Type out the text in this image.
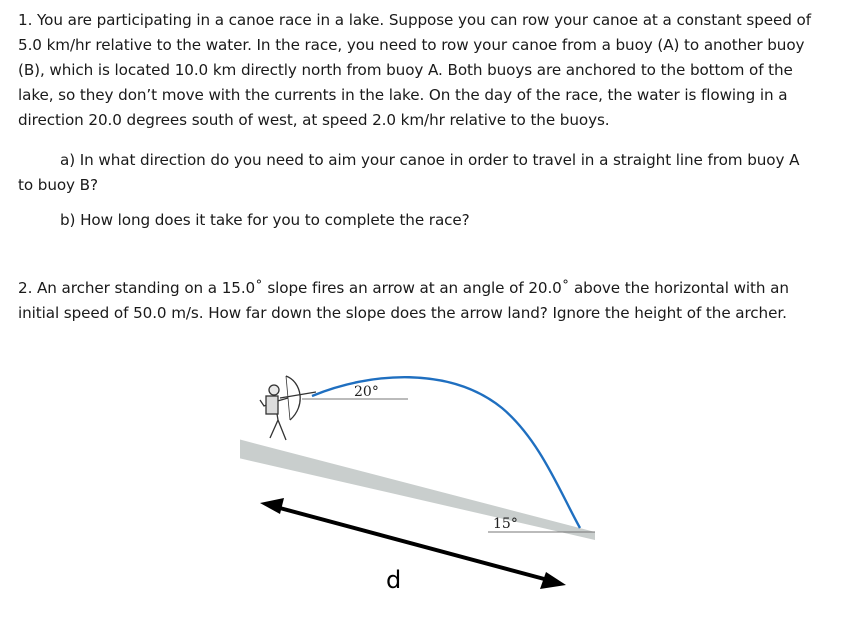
1. You are participating in a canoe race in a lake. Suppose you can row your canoe at a constant speed of 5.0 km/hr relative to the water. In the race, you need to row your canoe from a buoy (A) to another buoy (B), which is located 10.0 km directly north from buoy A. Both buoys are anchored to the bottom of the lake, so they don’t move with the currents in the lake. On the day of the race, the water is flowing in a direction 20.0 degrees south of west, at speed 2.0 km/hr relative to the buoys.

a) In what direction do you need to aim your canoe in order to travel in a straight line from buoy A to buoy B?

b) How long does it take for you to complete the race?

2. An archer standing on a 15.0˚ slope fires an arrow at an angle of 20.0˚ above the horizontal with an initial speed of 50.0 m/s. How far down the slope does the arrow land? Ignore the height of the archer.

20°
15°
d
